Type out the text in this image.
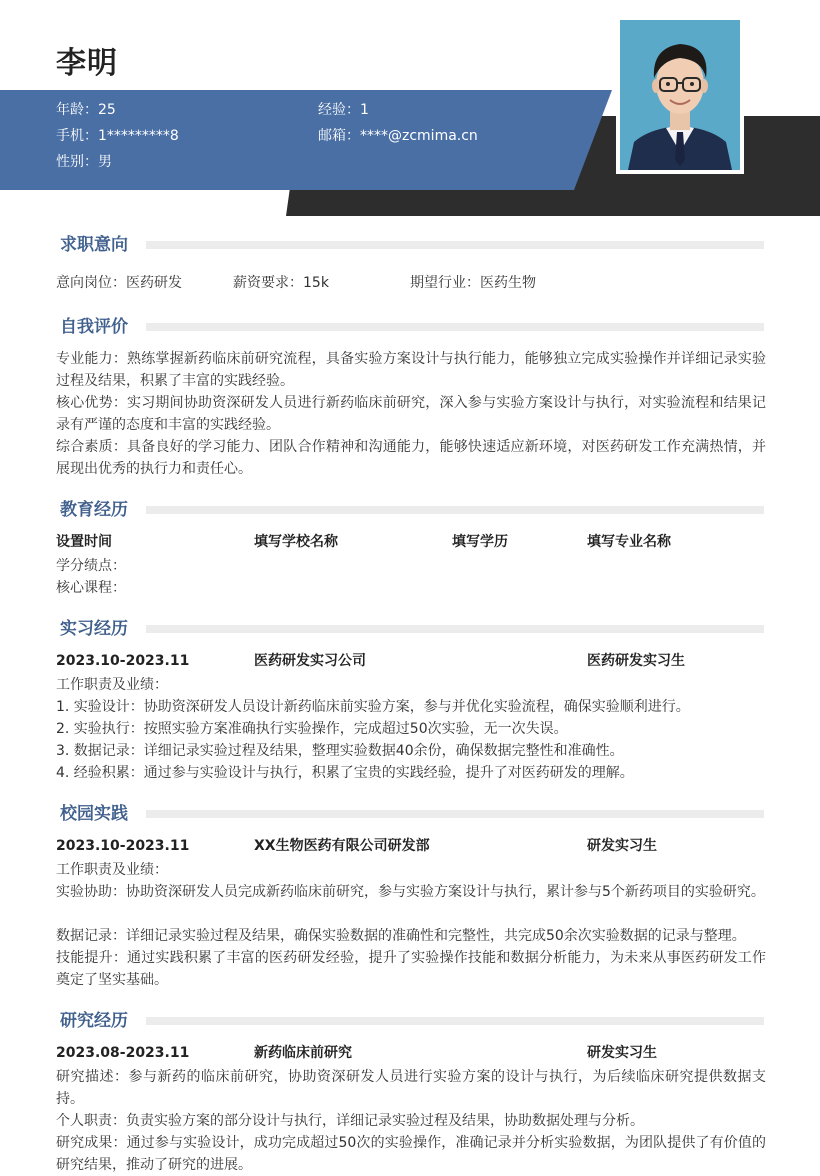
李明
年龄：25	经验：1
手机：1*********8	邮箱：****@zcmima.cn
性别：男
求职意向
意向岗位：医药研发	薪资要求：15k	期望行业：医药生物
自我评价
专业能力：熟练掌握新药临床前研究流程，具备实验方案设计与执行能力，能够独立完成实验操作并详细记录实验过程及结果，积累了丰富的实践经验。
核心优势：实习期间协助资深研发人员进行新药临床前研究，深入参与实验方案设计与执行，对实验流程和结果记录有严谨的态度和丰富的实践经验。
综合素质：具备良好的学习能力、团队合作精神和沟通能力，能够快速适应新环境，对医药研发工作充满热情，并展现出优秀的执行力和责任心。
教育经历
设置时间	填写学校名称	填写学历	填写专业名称
学分绩点：
核心课程：
实习经历
2023.10-2023.11	医药研发实习公司	医药研发实习生
工作职责及业绩：
1. 实验设计：协助资深研发人员设计新药临床前实验方案，参与并优化实验流程，确保实验顺利进行。
2. 实验执行：按照实验方案准确执行实验操作，完成超过50次实验，无一次失误。
3. 数据记录：详细记录实验过程及结果，整理实验数据40余份，确保数据完整性和准确性。
4. 经验积累：通过参与实验设计与执行，积累了宝贵的实践经验，提升了对医药研发的理解。
校园实践
2023.10-2023.11	XX生物医药有限公司研发部	研发实习生
工作职责及业绩：
实验协助：协助资深研发人员完成新药临床前研究，参与实验方案设计与执行，累计参与5个新药项目的实验研究。
数据记录：详细记录实验过程及结果，确保实验数据的准确性和完整性，共完成50余次实验数据的记录与整理。
技能提升：通过实践积累了丰富的医药研发经验，提升了实验操作技能和数据分析能力，为未来从事医药研发工作奠定了坚实基础。
研究经历
2023.08-2023.11	新药临床前研究	研发实习生
研究描述：参与新药的临床前研究，协助资深研发人员进行实验方案的设计与执行，为后续临床研究提供数据支持。
个人职责：负责实验方案的部分设计与执行，详细记录实验过程及结果，协助数据处理与分析。
研究成果：通过参与实验设计，成功完成超过50次的实验操作，准确记录并分析实验数据，为团队提供了有价值的研究结果，推动了研究的进展。
